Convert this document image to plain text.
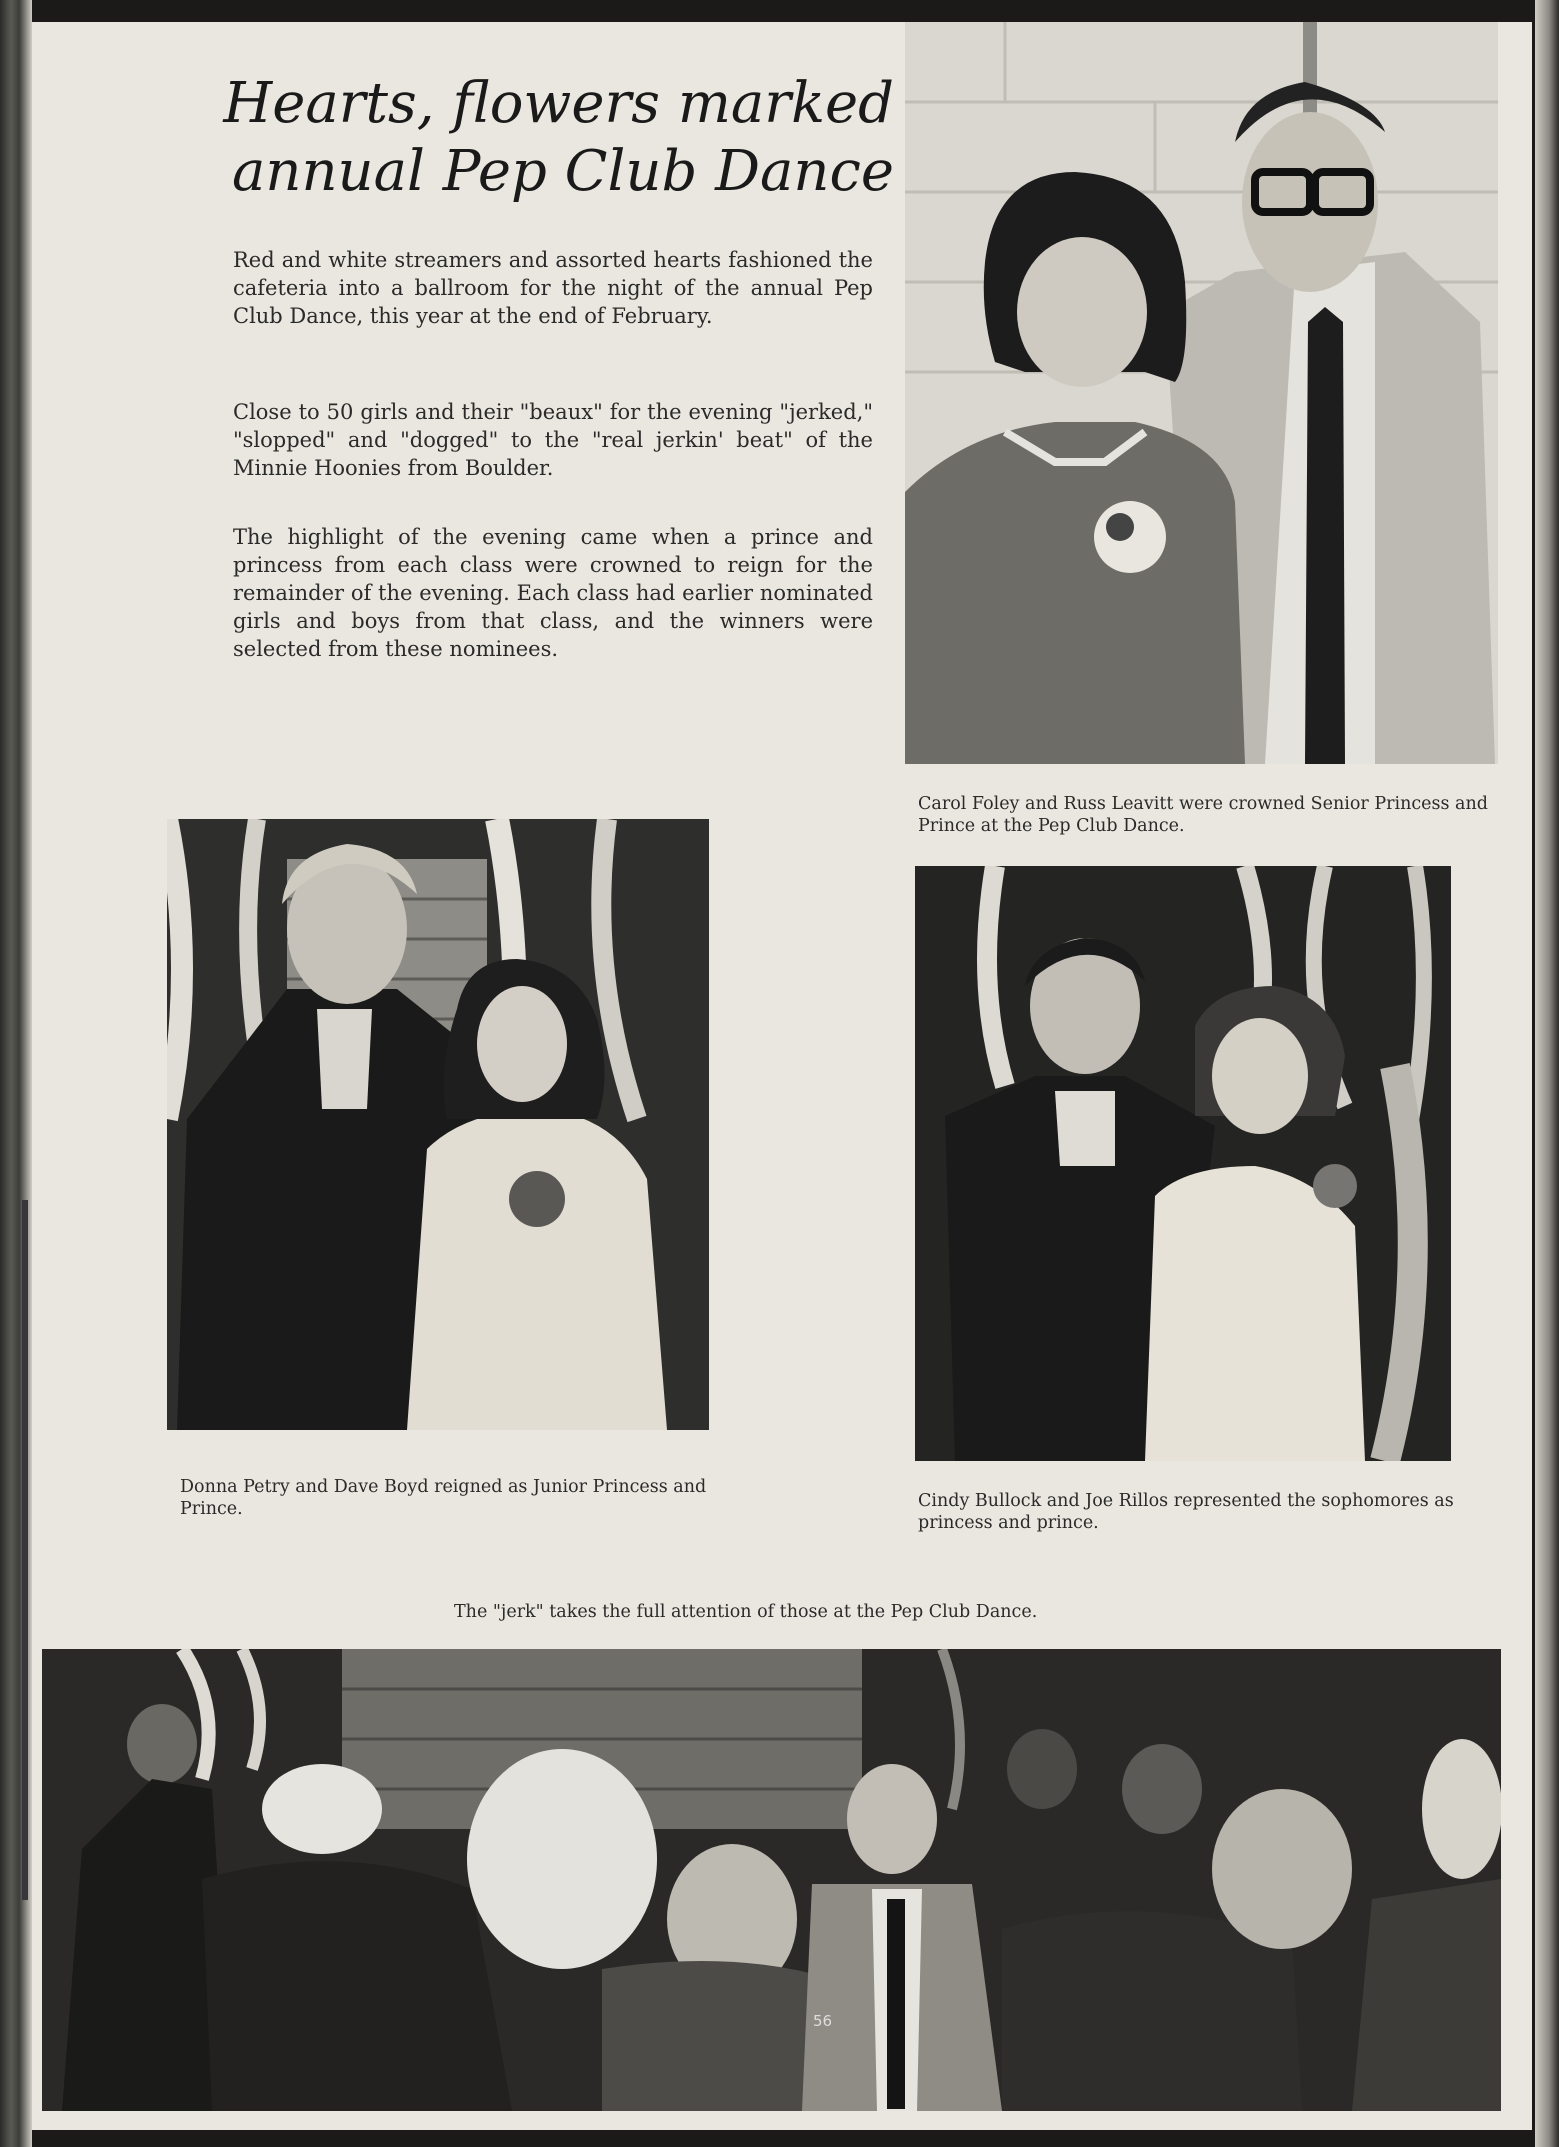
Hearts, flowers marked annual Pep Club Dance

Red and white streamers and assorted hearts fashioned the cafeteria into a ballroom for the night of the annual Pep Club Dance, this year at the end of February.

Close to 50 girls and their "beaux" for the evening "jerked," "slopped" and "dogged" to the "real jerkin' beat" of the Minnie Hoonies from Boulder.

The highlight of the evening came when a prince and princess from each class were crowned to reign for the remainder of the evening. Each class had earlier nominated girls and boys from that class, and the winners were selected from these nominees.

Carol Foley and Russ Leavitt were crowned Senior Princess and Prince at the Pep Club Dance.

Donna Petry and Dave Boyd reigned as Junior Princess and Prince.	Cindy Bullock and Joe Rillos represented the sophomores as princess and prince.

The "jerk" takes the full attention of those at the Pep Club Dance.

56
